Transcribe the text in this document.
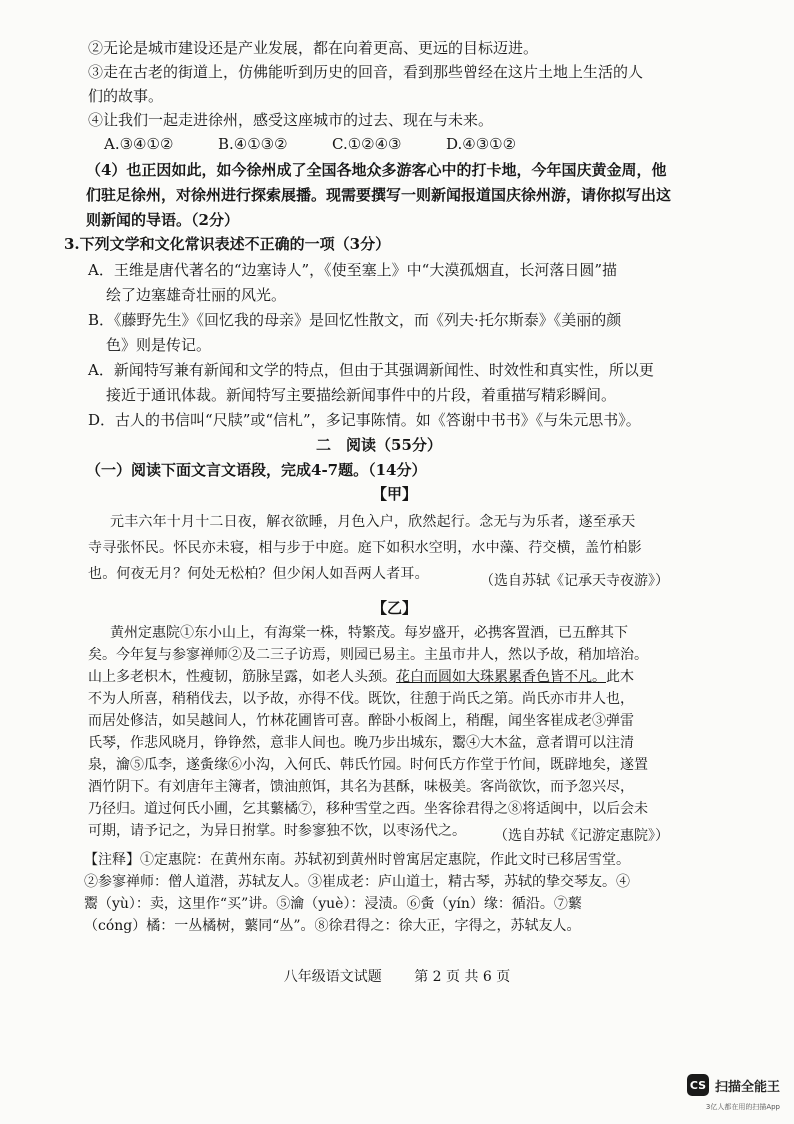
②无论是城市建设还是产业发展，都在向着更高、更远的目标迈进。
③走在古老的街道上，仿佛能听到历史的回音，看到那些曾经在这片土地上生活的人
们的故事。
④让我们一起走进徐州，感受这座城市的过去、现在与未来。
A.③④①②	B.④①③②	C.①②④③	D.④③①②
（4）也正因如此，如今徐州成了全国各地众多游客心中的打卡地，今年国庆黄金周，他
们驻足徐州，对徐州进行探索展播。现需要撰写一则新闻报道国庆徐州游，请你拟写出这
则新闻的导语。（2分）
3.下列文学和文化常识表述不正确的一项（3分）
A．王维是唐代著名的“边塞诗人”，《使至塞上》中“大漠孤烟直，长河落日圆”描
绘了边塞雄奇壮丽的风光。
B．《藤野先生》《回忆我的母亲》是回忆性散文，而《列夫·托尔斯泰》《美丽的颜
色》则是传记。
A．新闻特写兼有新闻和文学的特点，但由于其强调新闻性、时效性和真实性，所以更
接近于通讯体裁。新闻特写主要描绘新闻事件中的片段，着重描写精彩瞬间。
D．古人的书信叫“尺牍”或“信札”，多记事陈情。如《答谢中书书》《与朱元思书》。
二　阅读（55分）
（一）阅读下面文言文语段，完成4-7题。（14分）
【甲】
元丰六年十月十二日夜，解衣欲睡，月色入户，欣然起行。念无与为乐者，遂至承天
寺寻张怀民。怀民亦未寝，相与步于中庭。庭下如积水空明，水中藻、荇交横，盖竹柏影
也。何夜无月？何处无松柏？但少闲人如吾两人者耳。	（选自苏轼《记承天寺夜游》）
【乙】
黄州定惠院①东小山上，有海棠一株，特繁茂。每岁盛开，必携客置酒，已五醉其下
矣。今年复与参寥禅师②及二三子访焉，则园已易主。主虽市井人，然以予故，稍加培治。
山上多老枳木，性瘦韧，筋脉呈露，如老人头颈。花白而圆如大珠累累香色皆不凡。此木
不为人所喜，稍稍伐去，以予故，亦得不伐。既饮，往憩于尚氏之第。尚氏亦市井人也，
而居处修洁，如吴越间人，竹林花圃皆可喜。醉卧小板阁上，稍醒，闻坐客崔成老③弹雷
氏琴，作悲风晓月，铮铮然，意非人间也。晚乃步出城东，鬻④大木盆，意者谓可以注清
泉，瀹⑤瓜李，遂夤缘⑥小沟，入何氏、韩氏竹园。时何氏方作堂于竹间，既辟地矣，遂置
酒竹阴下。有刘唐年主簿者，馈油煎饵，其名为甚酥，味极美。客尚欲饮，而予忽兴尽，
乃径归。道过何氏小圃，乞其蘩橘⑦，移种雪堂之西。坐客徐君得之⑧将适闽中，以后会未
可期，请予记之，为异日拊掌。时参寥独不饮，以枣汤代之。 （选自苏轼《记游定惠院》）
【注释】①定惠院：在黄州东南。苏轼初到黄州时曾寓居定惠院，作此文时已移居雪堂。
②参寥禅师：僧人道潜，苏轼友人。③崔成老：庐山道士，精古琴，苏轼的挚交琴友。④
鬻（yù）：卖，这里作“买”讲。⑤瀹（yuè）：浸渍。⑥夤（yín）缘：循沿。⑦蘩
（cóng）橘：一丛橘树，蘩同“丛”。⑧徐君得之：徐大正，字得之，苏轼友人。
八年级语文试题 第 2 页 共 6 页
CS 扫描全能王
3亿人都在用的扫描App
